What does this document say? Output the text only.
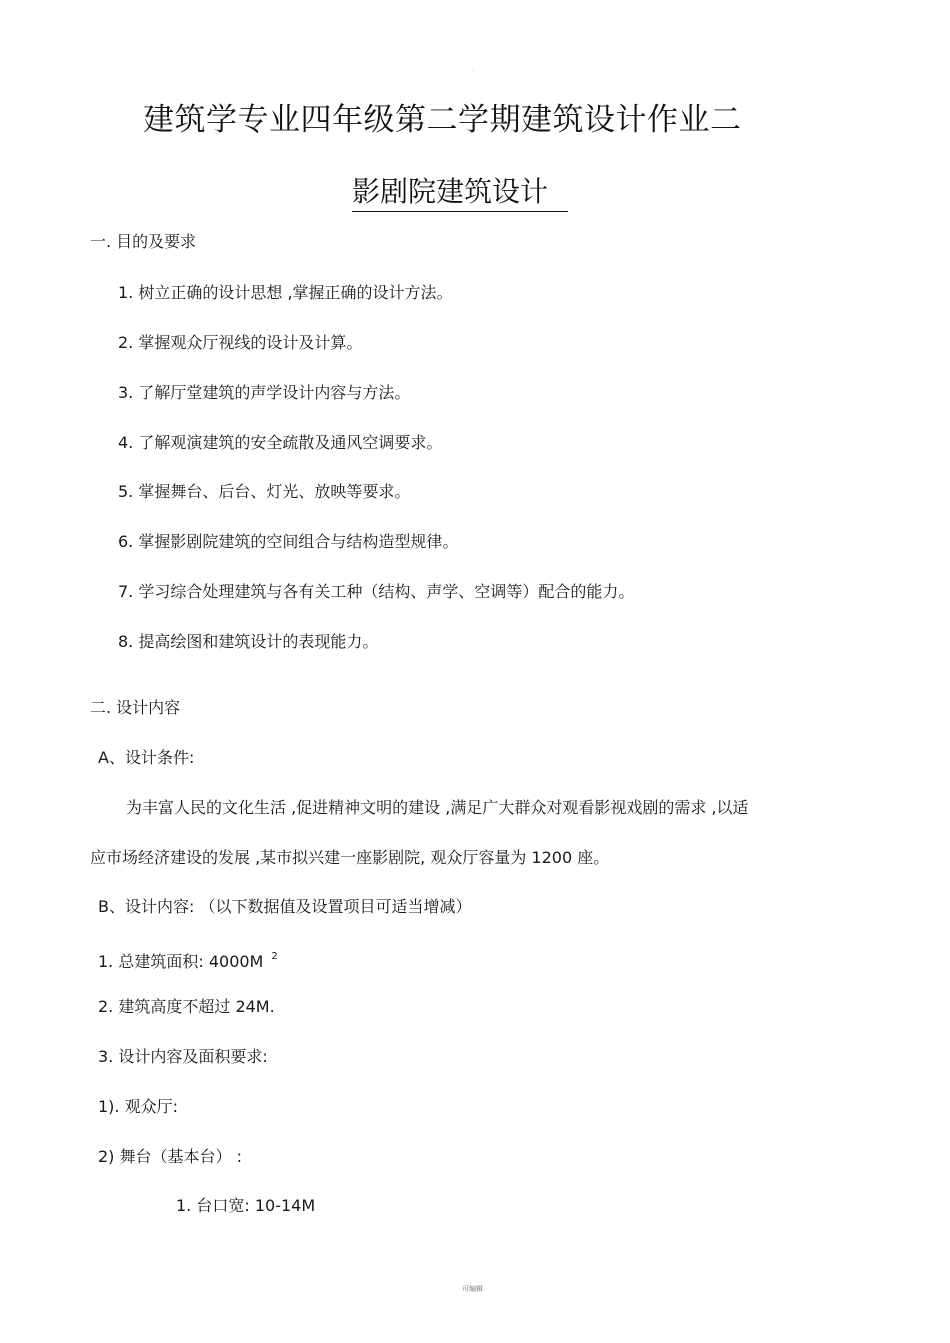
·
建筑学专业四年级第二学期建筑设计作业二
影剧院建筑设计
一. 目的及要求
1. 树立正确的设计思想 ,掌握正确的设计方法。
2. 掌握观众厅视线的设计及计算。
3. 了解厅堂建筑的声学设计内容与方法。
4. 了解观演建筑的安全疏散及通风空调要求。
5. 掌握舞台、后台、灯光、放映等要求。
6. 掌握影剧院建筑的空间组合与结构造型规律。
7. 学习综合处理建筑与各有关工种（结构、声学、空调等）配合的能力。
8. 提高绘图和建筑设计的表现能力。
二. 设计内容
A、设计条件:
为丰富人民的文化生活 ,促进精神文明的建设 ,满足广大群众对观看影视戏剧的需求 ,以适
应市场经济建设的发展 ,某市拟兴建一座影剧院, 观众厅容量为 1200 座。
B、设计内容: （以下数据值及设置项目可适当增减）
1. 总建筑面积: 4000M $^2$
2. 建筑高度不超过 24M.
3. 设计内容及面积要求:
1). 观众厅:
2) 舞台（基本台） :
1. 台口宽: 10-14M
可编辑
